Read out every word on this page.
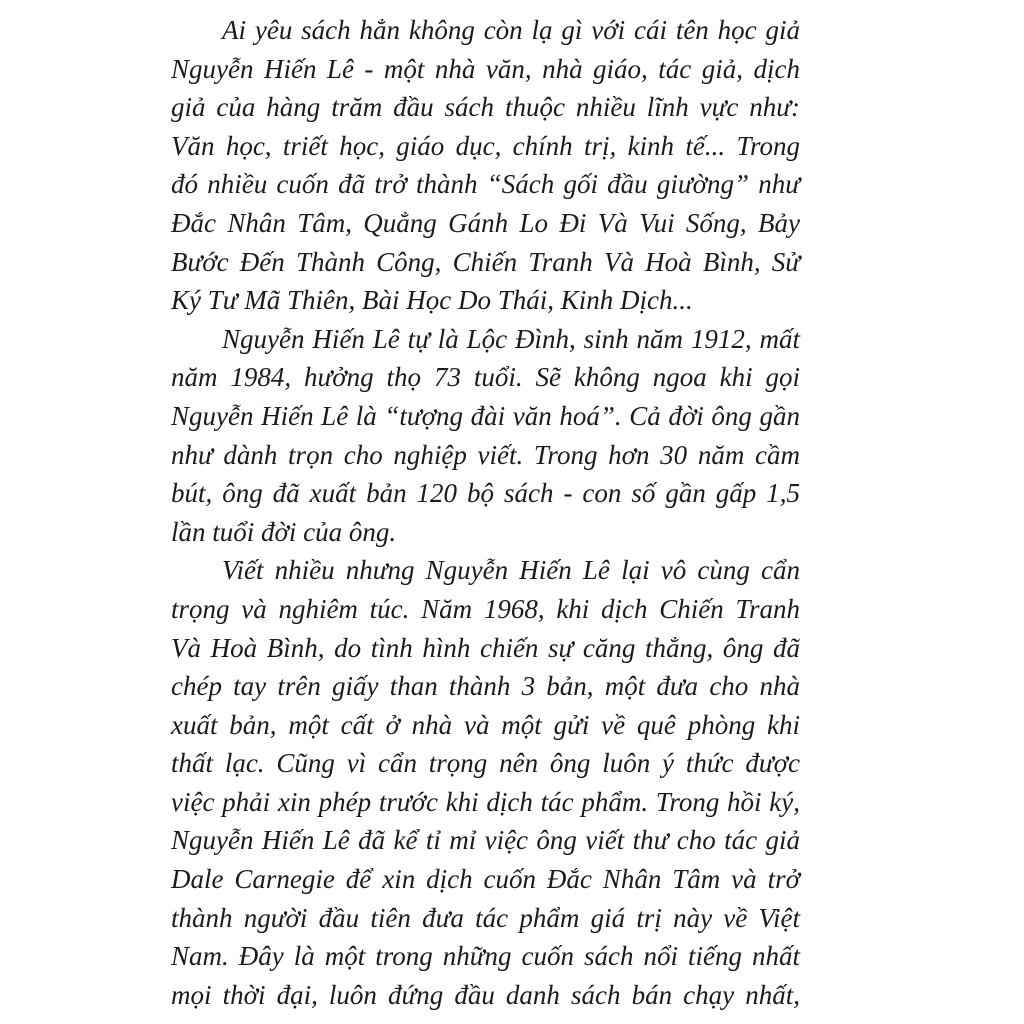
Ai yêu sách hẳn không còn lạ gì với cái tên học giả
Nguyễn Hiến Lê - một nhà văn, nhà giáo, tác giả, dịch
giả của hàng trăm đầu sách thuộc nhiều lĩnh vực như:
Văn học, triết học, giáo dục, chính trị, kinh tế... Trong
đó nhiều cuốn đã trở thành “Sách gối đầu giường” như
Đắc Nhân Tâm, Quẳng Gánh Lo Đi Và Vui Sống, Bảy
Bước Đến Thành Công, Chiến Tranh Và Hoà Bình, Sử
Ký Tư Mã Thiên, Bài Học Do Thái, Kinh Dịch...
Nguyễn Hiến Lê tự là Lộc Đình, sinh năm 1912, mất
năm 1984, hưởng thọ 73 tuổi. Sẽ không ngoa khi gọi
Nguyễn Hiến Lê là “tượng đài văn hoá”. Cả đời ông gần
như dành trọn cho nghiệp viết. Trong hơn 30 năm cầm
bút, ông đã xuất bản 120 bộ sách - con số gần gấp 1,5
lần tuổi đời của ông.
Viết nhiều nhưng Nguyễn Hiến Lê lại vô cùng cẩn
trọng và nghiêm túc. Năm 1968, khi dịch Chiến Tranh
Và Hoà Bình, do tình hình chiến sự căng thẳng, ông đã
chép tay trên giấy than thành 3 bản, một đưa cho nhà
xuất bản, một cất ở nhà và một gửi về quê phòng khi
thất lạc. Cũng vì cẩn trọng nên ông luôn ý thức được
việc phải xin phép trước khi dịch tác phẩm. Trong hồi ký,
Nguyễn Hiến Lê đã kể tỉ mỉ việc ông viết thư cho tác giả
Dale Carnegie để xin dịch cuốn Đắc Nhân Tâm và trở
thành người đầu tiên đưa tác phẩm giá trị này về Việt
Nam. Đây là một trong những cuốn sách nổi tiếng nhất
mọi thời đại, luôn đứng đầu danh sách bán chạy nhất,
